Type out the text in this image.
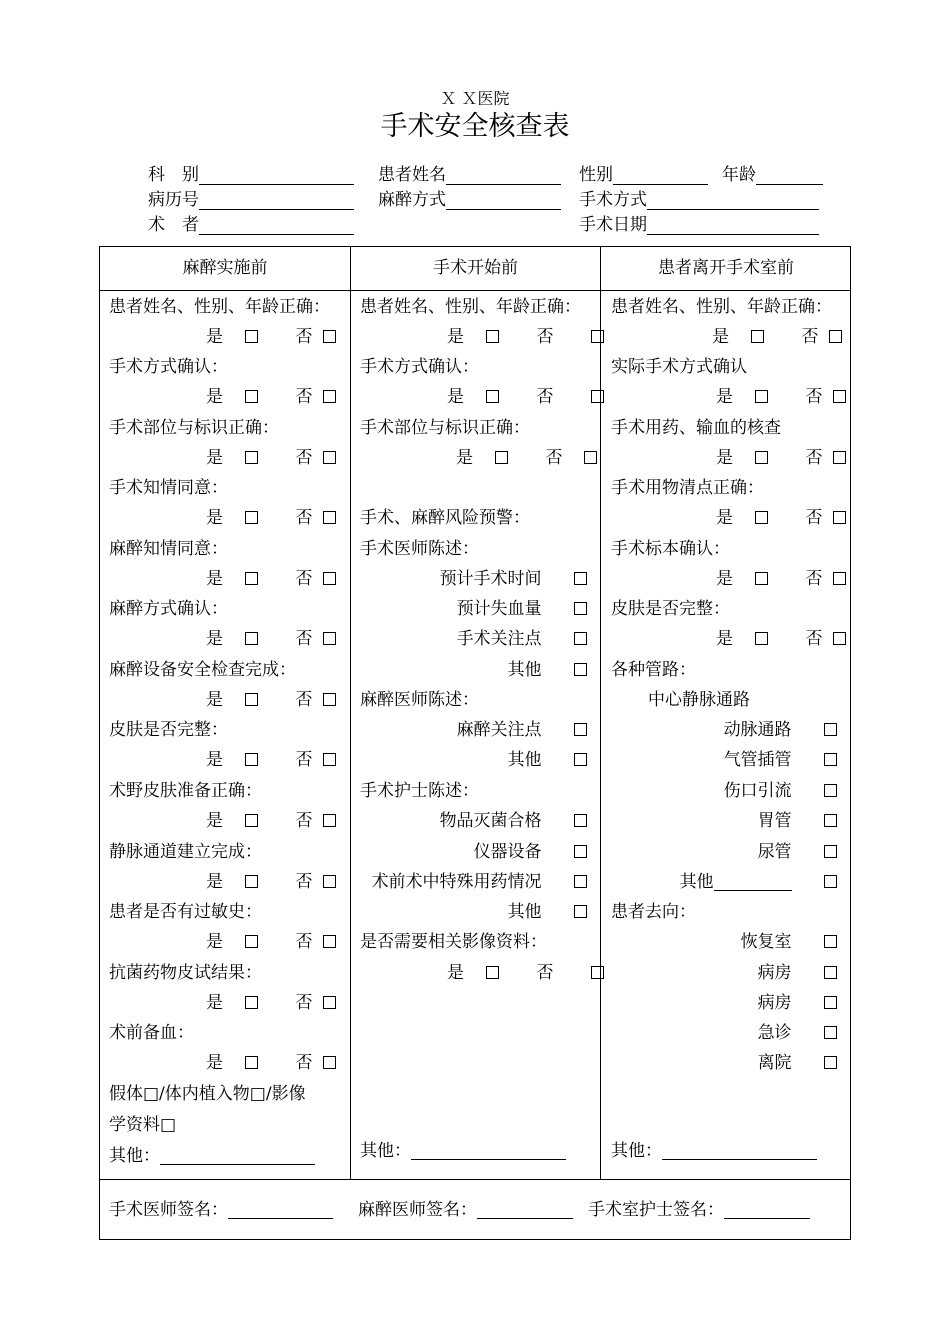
Ｘ Ｘ医院
手术安全核查表
科　别	患者姓名	性别	年龄
病历号	麻醉方式	手术方式
术　者	手术日期
麻醉实施前	手术开始前	患者离开手术室前
患者姓名、性别、年龄正确：
是	否
手术方式确认：
是	否
手术部位与标识正确：
是	否
手术知情同意：
是	否
麻醉知情同意：
是	否
麻醉方式确认：
是	否
麻醉设备安全检查完成：
是	否
皮肤是否完整：
是	否
术野皮肤准备正确：
是	否
静脉通道建立完成：
是	否
患者是否有过敏史：
是	否
抗菌药物皮试结果：
是	否
术前备血：
是	否
假体□/体内植入物□/影像
学资料□
其他：
患者姓名、性别、年龄正确：
是	否
手术方式确认：
是	否
手术部位与标识正确：
是	否
手术、麻醉风险预警：
手术医师陈述：
预计手术时间
预计失血量
手术关注点
其他
麻醉医师陈述：
麻醉关注点
其他
手术护士陈述：
物品灭菌合格
仪器设备
术前术中特殊用药情况
其他
是否需要相关影像资料：
是	否
其他：
患者姓名、性别、年龄正确：
是	否
实际手术方式确认
是	否
手术用药、输血的核查
是	否
手术用物清点正确：
是	否
手术标本确认：
是	否
皮肤是否完整：
是	否
各种管路：
中心静脉通路
动脉通路
气管插管
伤口引流
胃管
尿管
其他
患者去向：
恢复室
病房
病房
急诊
离院
其他：
手术医师签名：	麻醉医师签名：	手术室护士签名：
